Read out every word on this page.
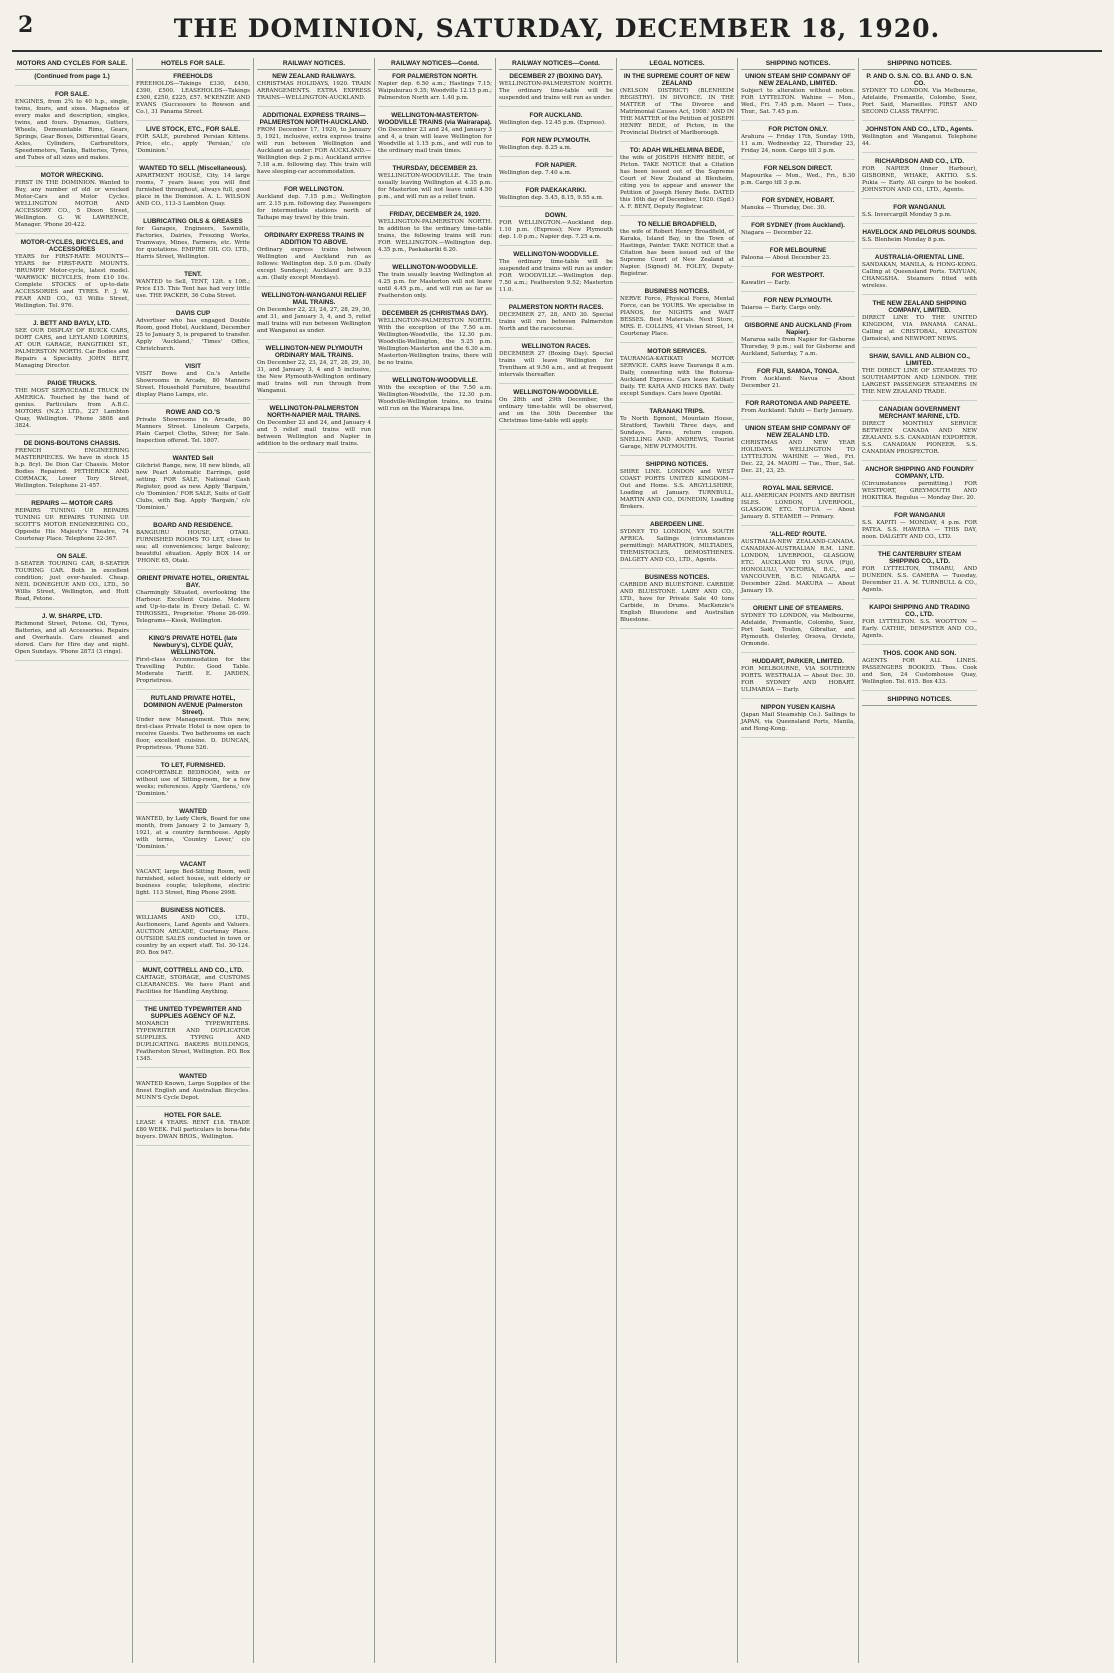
2	THE DOMINION, SATURDAY, DECEMBER 18, 1920.
MOTORS AND CYCLES FOR SALE.
(Continued from page 1.)
FOR SALE.
ENGINES, from 2¾ to 40 h.p., single, twins, fours, and sixes. Magnetos of every make and description, singles, twins, and fours. Dynamos, Gutters, Wheels, Demountable Rims, Gears, Springs, Gear Boxes, Differential Gears, Axles, Cylinders, Carburettors, Speedometers, Tanks, Batteries, Tyres, and Tubes of all sizes and makes.
MOTOR WRECKING.
FIRST IN THE DOMINION. Wanted to Buy, any number of old or wrecked Motor-Cars and Motor Cycles. WELLINGTON MOTOR AND ACCESSORY CO., 5 Dixon Street, Wellington. G. W. LAWRENCE, Manager. 'Phone 20-422.
MOTOR-CYCLES, BICYCLES, and ACCESSORIES
YEARS for FIRST-RATE MOUNTS—YEARS for FIRST-RATE MOUNTS. 'BRUMPH' Motor-cycle, latest model. 'WARWICK' BICYCLES, from £10 10s. Complete STOCKS of up-to-date ACCESSORIES and TYRES. F. J. W. FEAR AND CO., 63 Willis Street, Wellington. Tel. 976.
J. BETT AND BAYLY, LTD.
SEE OUR DISPLAY OF BUICK CARS, DORT CARS, and LEYLAND LORRIES, AT OUR GARAGE, RANGITIKEI ST., PALMERSTON NORTH. Car Bodies and Repairs a Speciality. JOHN BETT, Managing Director.
PAIGE TRUCKS.
THE MOST SERVICEABLE TRUCK IN AMERICA. Touched by the hand of genius. Particulars from A.B.C. MOTORS (N.Z.) LTD., 227 Lambton Quay, Wellington. 'Phone 3808 and 3824.
DE DIONS-BOUTONS CHASSIS.
FRENCH ENGINEERING MASTERPIECES. We have in stock 15 h.p. 8cyl. De Dion Car Chassis. Motor Bodies Repaired. PETHERICK AND CORMACK, Lower Tory Street, Wellington. Telephone 21-457.
REPAIRS — MOTOR CARS
REPAIRS TUNING UP. REPAIRS TUNING UP. REPAIRS TUNING UP. SCOTT'S MOTOR ENGINEERING CO., Opposite His Majesty's Theatre, 74 Courtenay Place. Telephone 22-367.
ON SALE.
5-SEATER TOURING CAR, 8-SEATER TOURING CAR. Both in excellent condition; just over-hauled. Cheap. NEIL DONEGHUE AND CO., LTD., 50 Willis Street, Wellington, and Hutt Road, Petone.
J. W. SHARPE, LTD.
Richmond Street, Petone. Oil, Tyres, Batteries, and all Accessories. Repairs and Overhauls. Cars cleaned and stored. Cars for Hire day and night. Open Sundays. 'Phone 2873 (3 rings).
HOTELS FOR SALE.
FREEHOLDS
FREEHOLDS—Takings £330, £450, £390, £500. LEASEHOLDS—Takings £300, £250, £225, £57. M'KENZIE AND EVANS (Successors to Rowson and Co.), 31 Panama Street.
LIVE STOCK, ETC., FOR SALE.
FOR SALE, purebred Persian Kittens. Price, etc., apply 'Persian,' c/o 'Dominion.'
WANTED TO SELL (Miscellaneous).
APARTMENT HOUSE, City, 14 large rooms, 7 years lease; you will find furnished throughout, always full, good place in the Dominion. A. L. WILSON AND CO., 113-3 Lambton Quay.
LUBRICATING OILS & GREASES
for Garages, Engineers, Sawmills, Factories, Dairies, Freezing Works, Tramways, Mines, Farmers, etc. Write for quotations. EMPIRE OIL CO. LTD., Harris Street, Wellington.
TENT.
WANTED to Sell, TENT, 12ft. x 10ft.; Price £15. This Tent has had very little use. THE PACKER, 36 Cuba Street.
DAVIS CUP
Advertiser who has engaged Double Room, good Hotel, Auckland, December 25 to January 5, is prepared to transfer. Apply 'Auckland,' 'Times' Office, Christchurch.
VISIT
VISIT Bows and Co.'s Antelle Showrooms in Arcade, 80 Manners Street. Household Furniture, beautiful display Piano Lamps, etc.
ROWE AND CO.'S
Private Showrooms in Arcade, 80 Manners Street. Linoleum Carpets, Plain Carpet Cloths, Silver, for Sale. Inspection offered. Tel. 1807.
WANTED Sell
Gilchrist Range, new, 18 new blinds, all new Pearl Automatic Earrings, gold setting. FOR SALE, National Cash Register, good as new. Apply 'Bargain,' c/o 'Dominion.' FOR SALE, Suits of Golf Clubs, with Bag. Apply 'Bargain,' c/o 'Dominion.'
BOARD AND RESIDENCE.
BANGIURU HOUSE, OTAKI. FURNISHED ROOMS TO LET, close to sea; all conveniences; large balcony; beautiful situation. Apply BOX 14 or 'PHONE 65, Otaki.
ORIENT PRIVATE HOTEL, ORIENTAL BAY.
Charmingly Situated, overlooking the Harbour. Excellent Cuisine. Modern and Up-to-date in Every Detail. C. W. THROSSEL, Proprietor. 'Phone 26-099. Telegrams—Kiosk, Wellington.
KING'S PRIVATE HOTEL (late Newbury's), CLYDE QUAY, WELLINGTON.
First-class Accommodation for the Travelling Public. Good Table. Moderate Tariff. E. JARDEN, Proprietress.
RUTLAND PRIVATE HOTEL, DOMINION AVENUE (Palmerston Street).
Under new Management. This new, first-class Private Hotel is now open to receive Guests. Two bathrooms on each floor, excellent cuisine. D. DUNCAN, Proprietress. 'Phone 526.
TO LET, FURNISHED.
COMFORTABLE BEDROOM, with or without use of Sitting-room, for a few weeks; references. Apply 'Gardens,' c/o 'Dominion.'
WANTED
WANTED, by Lady Clerk, Board for one month, from January 2 to January 5, 1921, at a country farmhouse. Apply with terms, 'Country Lover,' c/o 'Dominion.'
VACANT
VACANT, large Bed-Sitting Room, well furnished, select house, suit elderly or business couple; telephone, electric light. 113 Street, Ring Phone 2998.
BUSINESS NOTICES.
WILLIAMS AND CO., LTD., Auctioneers, Land Agents and Valuers. AUCTION ARCADE, Courtenay Place. OUTSIDE SALES conducted in town or country by an expert staff. Tel. 30-124. P.O. Box 947.
MUNT, COTTRELL AND CO., LTD.
CARTAGE, STORAGE, and CUSTOMS CLEARANCES. We have Plant and Facilities for Handling Anything.
THE UNITED TYPEWRITER AND SUPPLIES AGENCY OF N.Z.
MONARCH TYPEWRITERS. TYPEWRITER AND DUPLICATOR SUPPLIES. TYPING AND DUPLICATING. BAKERS BUILDINGS, Featherston Street, Wellington. P.O. Box 1345.
WANTED
WANTED Known, Large Supplies of the finest English and Australian Bicycles. MUNN'S Cycle Depot.
HOTEL FOR SALE.
LEASE 4 YEARS. RENT £18. TRADE £80 WEEK. Full particulars to bona-fide buyers. DWAN BROS., Wellington.
RAILWAY NOTICES.
NEW ZEALAND RAILWAYS.
CHRISTMAS HOLIDAYS, 1920. TRAIN ARRANGEMENTS. EXTRA EXPRESS TRAINS—WELLINGTON-AUCKLAND.
ADDITIONAL EXPRESS TRAINS—PALMERSTON NORTH-AUCKLAND.
FROM December 17, 1920, to January 5, 1921, inclusive, extra express trains will run between Wellington and Auckland as under: FOR AUCKLAND.—Wellington dep. 2 p.m.; Auckland arrive 7.18 a.m. following day. This train will have sleeping-car accommodation.
FOR WELLINGTON.
Auckland dep. 7.15 p.m.; Wellington arr. 2.15 p.m. following day. Passengers for intermediate stations north of Taihape may travel by this train.
ORDINARY EXPRESS TRAINS IN ADDITION TO ABOVE.
Ordinary express trains between Wellington and Auckland run as follows: Wellington dep. 3.0 p.m. (Daily except Sundays); Auckland arr. 9.33 a.m. (Daily except Mondays).
WELLINGTON-WANGANUI RELIEF MAIL TRAINS.
On December 22, 23, 24, 27, 28, 29, 30, and 31, and January 3, 4, and 5, relief mail trains will run between Wellington and Wanganui as under.
WELLINGTON-NEW PLYMOUTH ORDINARY MAIL TRAINS.
On December 22, 23, 24, 27, 28, 29, 30, 31, and January 3, 4 and 5 inclusive, the New Plymouth-Wellington ordinary mail trains will run through from Wanganui.
WELLINGTON-PALMERSTON NORTH-NAPIER MAIL TRAINS.
On December 23 and 24, and January 4 and 5 relief mail trains will run between Wellington and Napier in addition to the ordinary mail trains.
RAILWAY NOTICES—Contd.
FOR PALMERSTON NORTH.
Napier dep. 6.50 a.m.; Hastings 7.15; Waipukurau 9.35; Woodville 12.15 p.m.; Palmerston North arr. 1.40 p.m.
WELLINGTON-MASTERTON-WOODVILLE TRAINS (via Wairarapa).
On December 23 and 24, and January 3 and 4, a train will leave Wellington for Woodville at 1.15 p.m., and will run to the ordinary mail train times.
THURSDAY, DECEMBER 23.
WELLINGTON-WOODVILLE. The train usually leaving Wellington at 4.35 p.m. for Masterton will not leave until 4.50 p.m., and will run as a relief train.
FRIDAY, DECEMBER 24, 1920.
WELLINGTON-PALMERSTON NORTH. In addition to the ordinary time-table trains, the following trains will run: FOR WELLINGTON.—Wellington dep. 4.35 p.m., Paekakariki 6.20.
WELLINGTON-WOODVILLE.
The train usually leaving Wellington at 4.25 p.m. for Masterton will not leave until 4.45 p.m., and will run as far as Featherston only.
DECEMBER 25 (CHRISTMAS DAY).
WELLINGTON-PALMERSTON NORTH. With the exception of the 7.50 a.m. Wellington-Woodville, the 12.30 p.m. Woodville-Wellington, the 5.25 p.m. Wellington-Masterton and the 6.30 a.m. Masterton-Wellington trains, there will be no trains.
WELLINGTON-WOODVILLE.
With the exception of the 7.50 a.m. Wellington-Woodville, the 12.30 p.m. Woodville-Wellington trains, no trains will run on the Wairarapa line.
RAILWAY NOTICES—Contd.
DECEMBER 27 (BOXING DAY).
WELLINGTON-PALMERSTON NORTH. The ordinary time-table will be suspended and trains will run as under.
FOR AUCKLAND.
Wellington dep. 12.45 p.m. (Express).
FOR NEW PLYMOUTH.
Wellington dep. 8.25 a.m.
FOR NAPIER.
Wellington dep. 7.40 a.m.
FOR PAEKAKARIKI.
Wellington dep. 5.45, 8.15, 9.55 a.m.
DOWN.
FOR WELLINGTON.—Auckland dep. 1.10 p.m. (Express); New Plymouth dep. 1.0 p.m.; Napier dep. 7.25 a.m.
WELLINGTON-WOODVILLE.
The ordinary time-table will be suspended and trains will run as under: FOR WOODVILLE.—Wellington dep. 7.50 a.m.; Featherston 9.52; Masterton 11.0.
PALMERSTON NORTH RACES.
DECEMBER 27, 28, AND 30. Special trains will run between Palmerston North and the racecourse.
WELLINGTON RACES.
DECEMBER 27 (Boxing Day). Special trains will leave Wellington for Trentham at 9.50 a.m., and at frequent intervals thereafter.
WELLINGTON-WOODVILLE.
On 28th and 29th December, the ordinary time-table will be observed, and on the 30th December the Christmas time-table will apply.
LEGAL NOTICES.
IN THE SUPREME COURT OF NEW ZEALAND
(NELSON DISTRICT) (BLENHEIM REGISTRY). IN DIVORCE. IN THE MATTER of 'The Divorce and Matrimonial Causes Act, 1908.' AND IN THE MATTER of the Petition of JOSEPH HENRY BEDE, of Picton, in the Provincial District of Marlborough.
TO: ADAH WILHELMINA BEDE,
the wife of JOSEPH HENRY BEDE, of Picton. TAKE NOTICE that a Citation has been issued out of the Supreme Court of New Zealand at Blenheim, citing you to appear and answer the Petition of Joseph Henry Bede. DATED this 16th day of December, 1920. (Sgd.) A. F. BENT, Deputy Registrar.
TO NELLIE BROADFIELD,
the wife of Robert Henry Broadfield, of Karaka, Island Bay, in the Town of Hastings, Painter. TAKE NOTICE that a Citation has been issued out of the Supreme Court of New Zealand at Napier. (Signed) M. FOLEY, Deputy-Registrar.
BUSINESS NOTICES.
NERVE Force, Physical Force, Mental Force, can be YOURS. We specialise in PIANOS, for NIGHTS and WAIT BESSES. Best Materials. Next Store, MRS. E. COLLINS, 41 Vivian Street, 14 Courtenay Place.
MOTOR SERVICES.
TAURANGA-KATIKATI MOTOR SERVICE. CARS leave Tauranga 8 a.m. Daily, connecting with the Rotorua-Auckland Express. Cars leave Katikati Daily. TE KAHA AND HICKS BAY. Daily except Sundays. Cars leave Opotiki.
TARANAKI TRIPS.
To North Egmont, Mountain House, Stratford, Tawhiti Three days, and Sundays. Fares, return coupon. SNELLING AND ANDREWS, Tourist Garage, NEW PLYMOUTH.
SHIPPING NOTICES.
SHIRE LINE. LONDON and WEST COAST PORTS UNITED KINGDOM—Out and Home. S.S. ARGYLLSHIRE, Loading at January. TURNBULL, MARTIN AND CO., DUNEDIN, Loading Brokers.
ABERDEEN LINE.
SYDNEY TO LONDON, VIA SOUTH AFRICA. Sailings (circumstances permitting): MARATHON, MILTIADES, THEMISTOCLES, DEMOSTHENES. DALGETY AND CO., LTD., Agents.
BUSINESS NOTICES.
CARBIDE AND BLUESTONE. CARBIDE AND BLUESTONE. LAIRY AND CO., LTD., have for Private Sale 40 tons Carbide, in Drums. MacKenzie's English Bluestone and Australian Bluestone.
SHIPPING NOTICES.
UNION STEAM SHIP COMPANY OF NEW ZEALAND, LIMITED.
Subject to alteration without notice. FOR LYTTELTON. Wahine — Mon., Wed., Fri. 7.45 p.m. Maori — Tues., Thur., Sat. 7.45 p.m.
FOR PICTON ONLY.
Arahura — Friday 17th, Sunday 19th, 11 a.m. Wednesday 22, Thursday 23, Friday 24, noon. Cargo till 3 p.m.
FOR NELSON DIRECT.
Mapourika — Mon., Wed., Fri., 8.30 p.m. Cargo till 3 p.m.
FOR SYDNEY, HOBART.
Manuka — Thursday, Dec. 30.
FOR SYDNEY (from Auckland).
Niagara — December 22.
FOR MELBOURNE
Paloona — About December 23.
FOR WESTPORT.
Kawatiri — Early.
FOR NEW PLYMOUTH.
Taiaroa — Early. Cargo only.
GISBORNE AND AUCKLAND (From Napier).
Mararoa sails from Napier for Gisborne Thursday, 9 p.m.; sail for Gisborne and Auckland, Saturday, 7 a.m.
FOR FIJI, SAMOA, TONGA.
From Auckland: Navua — About December 21.
FOR RAROTONGA AND PAPEETE.
From Auckland: Tahiti — Early January.
UNION STEAM SHIP COMPANY OF NEW ZEALAND LTD.
CHRISTMAS AND NEW YEAR HOLIDAYS. WELLINGTON TO LYTTELTON. WAHINE — Wed., Fri. Dec. 22, 24. MAORI — Tue., Thur., Sat. Dec. 21, 23, 25.
ROYAL MAIL SERVICE.
ALL AMERICAN POINTS AND BRITISH ISLES. LONDON, LIVERPOOL, GLASGOW, ETC. TOFUA — About January 8. STEAMER — Primary.
'ALL-RED' ROUTE.
AUSTRALIA-NEW ZEALAND-CANADA. CANADIAN-AUSTRALIAN R.M. LINE. LONDON, LIVERPOOL, GLASGOW, ETC. AUCKLAND TO SUVA (Fiji), HONOLULU, VICTORIA, B.C., and VANCOUVER, B.C. NIAGARA — December 22nd. MAKURA — About January 19.
ORIENT LINE OF STEAMERS.
SYDNEY TO LONDON, via Melbourne, Adelaide, Fremantle, Colombo, Suez, Port Said, Toulon, Gibraltar, and Plymouth. Osterley, Orsova, Orvieto, Ormonde.
HUDDART, PARKER, LIMITED.
FOR MELBOURNE, VIA SOUTHERN PORTS. WESTRALIA — About Dec. 30. FOR SYDNEY AND HOBART. ULIMAROA — Early.
NIPPON YUSEN KAISHA
(Japan Mail Steamship Co.). Sailings to JAPAN, via Queensland Ports, Manila, and Hong-Kong.
SHIPPING NOTICES.
P. AND O. S.N. CO. B.I. AND O. S.N. CO.
SYDNEY TO LONDON. Via Melbourne, Adelaide, Fremantle, Colombo, Suez, Port Said, Marseilles. FIRST AND SECOND CLASS TRAFFIC.
JOHNSTON AND CO., LTD., Agents.
Wellington and Wanganui. Telephone 44.
RICHARDSON AND CO., LTD.
FOR NAPIER (Inner Harbour), GISBORNE, WHAKE, AKITIO. S.S. Pukia — Early. All cargo to be booked. JOHNSTON AND CO., LTD., Agents.
FOR WANGANUI.
S.S. Invercargill Monday 5 p.m.
HAVELOCK AND PELORUS SOUNDS.
S.S. Blenheim Monday 8 p.m.
AUSTRALIA-ORIENTAL LINE.
SANDAKAN, MANILA, & HONG-KONG. Calling at Queensland Ports. TAIYUAN, CHANGSHA. Steamers fitted with wireless.
THE NEW ZEALAND SHIPPING COMPANY, LIMITED.
DIRECT LINE TO THE UNITED KINGDOM, VIA PANAMA CANAL. Calling at CRISTOBAL, KINGSTON (Jamaica), and NEWPORT NEWS.
SHAW, SAVILL AND ALBION CO., LIMITED.
THE DIRECT LINE OF STEAMERS TO SOUTHAMPTON AND LONDON. THE LARGEST PASSENGER STEAMERS IN THE NEW ZEALAND TRADE.
CANADIAN GOVERNMENT MERCHANT MARINE, LTD.
DIRECT MONTHLY SERVICE BETWEEN CANADA AND NEW ZEALAND. S.S. CANADIAN EXPORTER. S.S. CANADIAN PIONEER. S.S. CANADIAN PROSPECTOR.
ANCHOR SHIPPING AND FOUNDRY COMPANY, LTD.
(Circumstances permitting.) FOR WESTPORT, GREYMOUTH AND HOKITIKA. Regulus — Monday Dec. 20.
FOR WANGANUI
S.S. KAPITI — MONDAY, 4 p.m. FOR PATEA. S.S. HAWERA — THIS DAY, noon. DALGETY AND CO., LTD.
THE CANTERBURY STEAM SHIPPING CO., LTD.
FOR LYTTELTON, TIMARU, AND DUNEDIN. S.S. CAMERA — Tuesday, December 21. A. M. TURNBULL & CO., Agents.
KAIPOI SHIPPING AND TRADING CO., LTD.
FOR LYTTELTON. S.S. WOOTTON — Early. CATHIE, DEMPSTER AND CO., Agents.
THOS. COOK AND SON.
AGENTS FOR ALL LINES. PASSENGERS BOOKED. Thos. Cook and Son, 24 Customhouse Quay, Wellington. Tel. 615. Box 433.
SHIPPING NOTICES.
